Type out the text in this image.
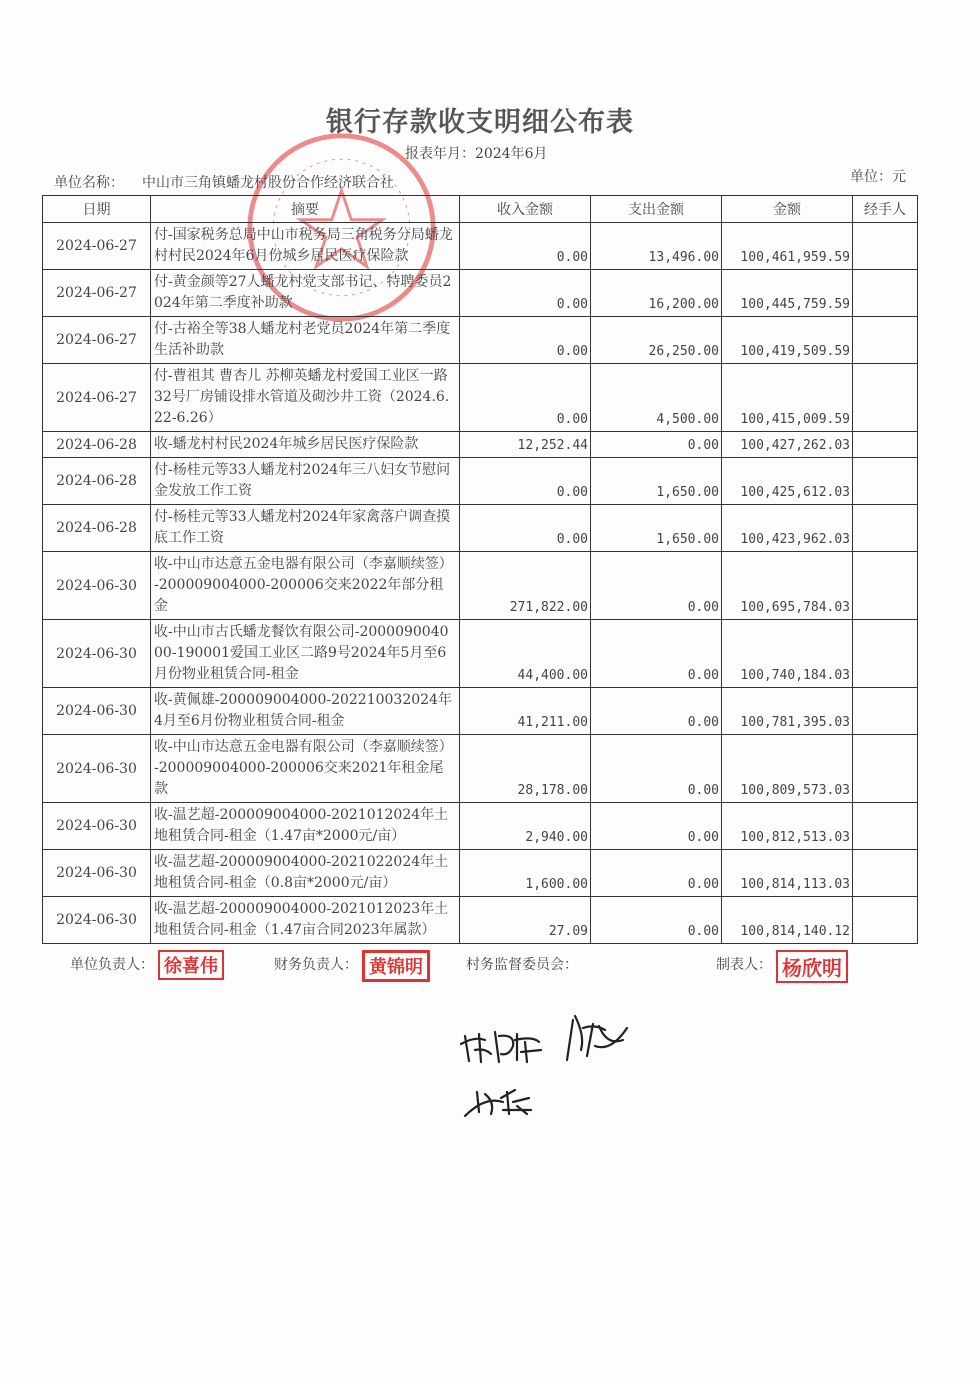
银行存款收支明细公布表
报表年月：2024年6月
单位名称： 中山市三角镇蟠龙村股份合作经济联合社	单位：元
日期	摘要	收入金额	支出金额	金额	经手人
2024-06-27	付-国家税务总局中山市税务局三角税务分局蟠龙村村民2024年6月份城乡居民医疗保险款	0.00	13,496.00	100,461,959.59	
2024-06-27	付-黄金颜等27人蟠龙村党支部书记、特聘委员2024年第二季度补助款	0.00	16,200.00	100,445,759.59	
2024-06-27	付-古裕全等38人蟠龙村老党员2024年第二季度生活补助款	0.00	26,250.00	100,419,509.59	
2024-06-27	付-曹祖其 曹杏儿 苏柳英蟠龙村爱国工业区一路32号厂房铺设排水管道及砌沙井工资（2024.6.22-6.26）	0.00	4,500.00	100,415,009.59	
2024-06-28	收-蟠龙村村民2024年城乡居民医疗保险款	12,252.44	0.00	100,427,262.03	
2024-06-28	付-杨桂元等33人蟠龙村2024年三八妇女节慰问金发放工作工资	0.00	1,650.00	100,425,612.03	
2024-06-28	付-杨桂元等33人蟠龙村2024年家禽落户调查摸底工作工资	0.00	1,650.00	100,423,962.03	
2024-06-30	收-中山市达意五金电器有限公司（李嘉顺续签）-200009004000-200006交来2022年部分租金	271,822.00	0.00	100,695,784.03	
2024-06-30	收-中山市古氏蟠龙餐饮有限公司-200009004000-190001爱国工业区二路9号2024年5月至6月份物业租赁合同-租金	44,400.00	0.00	100,740,184.03	
2024-06-30	收-黄佩雄-200009004000-202210032024年4月至6月份物业租赁合同-租金	41,211.00	0.00	100,781,395.03	
2024-06-30	收-中山市达意五金电器有限公司（李嘉顺续签）-200009004000-200006交来2021年租金尾款	28,178.00	0.00	100,809,573.03	
2024-06-30	收-温艺超-200009004000-2021012024年土地租赁合同-租金（1.47亩*2000元/亩）	2,940.00	0.00	100,812,513.03	
2024-06-30	收-温艺超-200009004000-2021022024年土地租赁合同-租金（0.8亩*2000元/亩）	1,600.00	0.00	100,814,113.03	
2024-06-30	收-温艺超-200009004000-2021012023年土地租赁合同-租金（1.47亩合同2023年属款）	27.09	0.00	100,814,140.12	
单位负责人： 徐喜伟	财务负责人： 黄锦明	村务监督委员会：	制表人： 杨欣明
